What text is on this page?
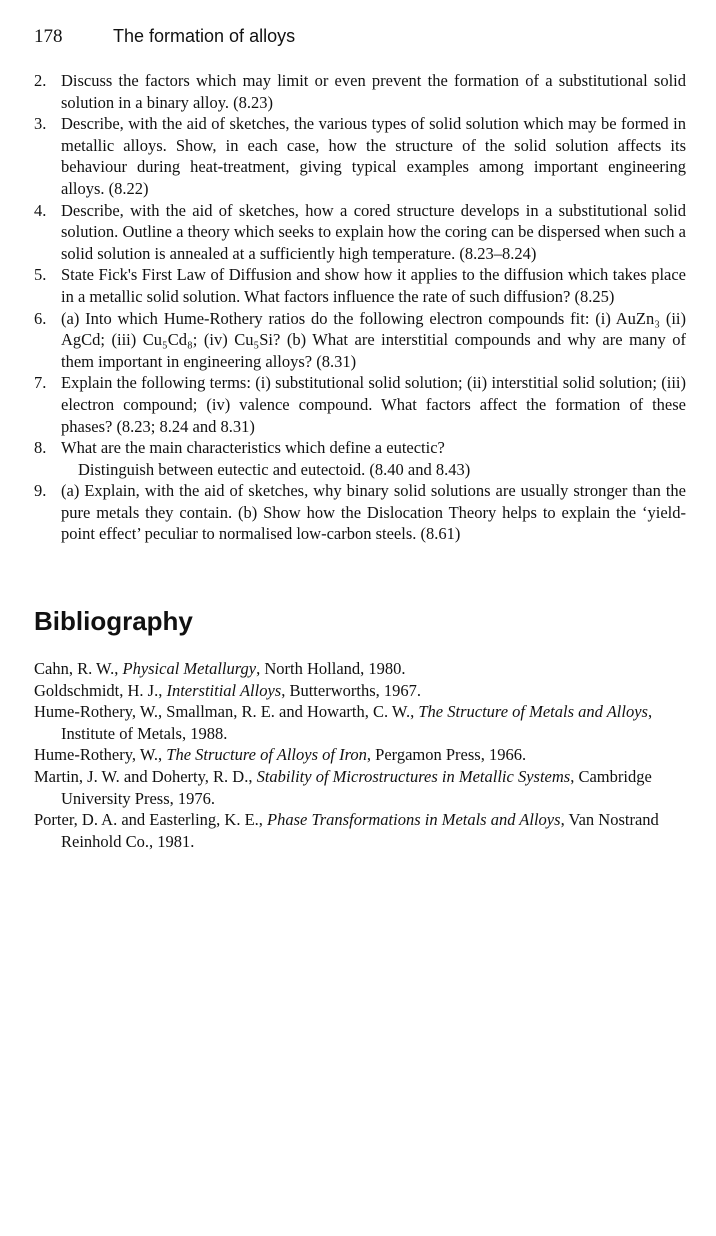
178	The formation of alloys
2. Discuss the factors which may limit or even prevent the formation of a substitutional solid solution in a binary alloy. (8.23)
3. Describe, with the aid of sketches, the various types of solid solution which may be formed in metallic alloys. Show, in each case, how the structure of the solid solution affects its behaviour during heat-treatment, giving typical examples among important engineering alloys. (8.22)
4. Describe, with the aid of sketches, how a cored structure develops in a substitutional solid solution. Outline a theory which seeks to explain how the coring can be dispersed when such a solid solution is annealed at a sufficiently high temperature. (8.23–8.24)
5. State Fick's First Law of Diffusion and show how it applies to the diffusion which takes place in a metallic solid solution. What factors influence the rate of such diffusion? (8.25)
6. (a) Into which Hume-Rothery ratios do the following electron compounds fit: (i) AuZn₃ (ii) AgCd; (iii) Cu₅Cd₈; (iv) Cu₅Si? (b) What are interstitial compounds and why are many of them important in engineering alloys? (8.31)
7. Explain the following terms: (i) substitutional solid solution; (ii) interstitial solid solution; (iii) electron compound; (iv) valence compound. What factors affect the formation of these phases? (8.23; 8.24 and 8.31)
8. What are the main characteristics which define a eutectic?
Distinguish between eutectic and eutectoid. (8.40 and 8.43)
9. (a) Explain, with the aid of sketches, why binary solid solutions are usually stronger than the pure metals they contain. (b) Show how the Dislocation Theory helps to explain the ‘yield-point effect’ peculiar to normalised low-carbon steels. (8.61)
Bibliography
Cahn, R. W., Physical Metallurgy, North Holland, 1980.
Goldschmidt, H. J., Interstitial Alloys, Butterworths, 1967.
Hume-Rothery, W., Smallman, R. E. and Howarth, C. W., The Structure of Metals and Alloys, Institute of Metals, 1988.
Hume-Rothery, W., The Structure of Alloys of Iron, Pergamon Press, 1966.
Martin, J. W. and Doherty, R. D., Stability of Microstructures in Metallic Systems, Cambridge University Press, 1976.
Porter, D. A. and Easterling, K. E., Phase Transformations in Metals and Alloys, Van Nostrand Reinhold Co., 1981.
